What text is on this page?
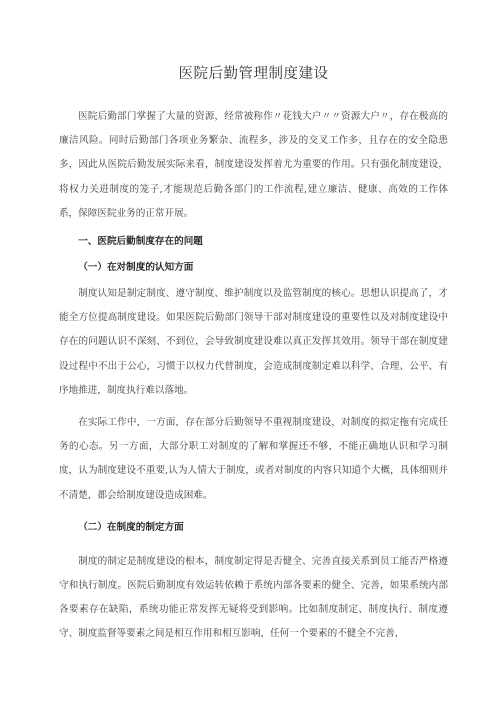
医院后勤管理制度建设

医院后勤部门掌握了大量的资源，经常被称作〃花钱大户〃〃资源大户〃，存在极高的廉洁风险。同时后勤部门各项业务繁杂、流程多，涉及的交叉工作多，且存在的安全隐患多，因此从医院后勤发展实际来看，制度建设发挥着尤为重要的作用。只有强化制度建设，将权力关进制度的笼子,才能规范后勤各部门的工作流程,建立廉洁、健康、高效的工作体系，保障医院业务的正常开展。

一、医院后勤制度存在的问题
（一）在对制度的认知方面

制度认知是制定制度、遵守制度、维护制度以及监管制度的核心。思想认识提高了，才能全方位提高制度建设。如果医院后勤部门领导干部对制度建设的重要性以及对制度建设中存在的问题认识不深刻、不到位，会导致制度建设难以真正发挥其效用。领导干部在制度建设过程中不出于公心，习惯于以权力代替制度，会造成制度制定难以科学、合理、公平、有序地推进，制度执行难以落地。

在实际工作中，一方面，存在部分后勤领导不重视制度建设，对制度的拟定拖有完成任务的心态。另一方面，大部分职工对制度的了解和掌握还不够，不能正确地认识和学习制度，认为制度建设不重要,认为人情大于制度，或者对制度的内容只知道个大概，具体细则并不清楚，都会给制度建设造成困难。

（二）在制度的制定方面

制度的制定是制度建设的根本，制度制定得是否健全、完善直接关系到员工能否严格遵守和执行制度。医院后勤制度有效运转依赖于系统内部各要素的健全、完善，如果系统内部各要素存在缺陷，系统功能正常发挥无疑将受到影响。比如制度制定、制度执行、制度遵守、制度监督等要素之间是相互作用和相互影响，任何一个要素的不健全不完善，
